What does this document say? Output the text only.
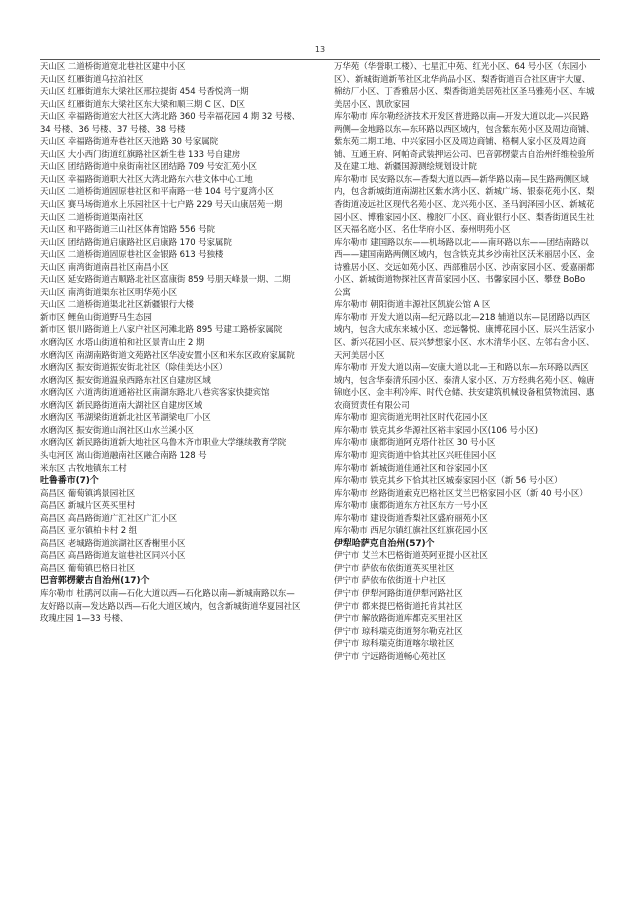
13

天山区 二道桥街道宽北巷社区建中小区

天山区 红雁街道乌拉泊社区

天山区 红雁街道东大梁社区邢拉提街 454 号香悦湾一期

天山区 红雁街道东大梁社区东大梁和顺三期 C 区、D区

天山区 幸福路街道宏大社区大湾北路 360 号幸福花园 4 期 32 号楼、34 号楼、36 号楼、37 号楼、38 号楼

天山区 幸福路街道寿巷社区天池路 30 号家属院

天山区 大小西门街道红旗路社区新生巷 133 号自建房

天山区 团结路街道中泉街南社区团结路 709 号安汇苑小区

天山区 幸福路街道职大社区大湾北路东六巷文体中心工地

天山区 二道桥街道固原巷社区和平南路一巷 104 号宁夏湾小区

天山区 赛马场街道水上乐园社区十七户路 229 号天山康居苑一期

天山区 二道桥街道渠南社区

天山区 和平路街道三山社区体育馆路 556 号院

天山区 团结路街道启康路社区启康路 170 号家属院

天山区 二道桥街道固原巷社区金银路 613 号独楼

天山区 南湾街道南昌社区南昌小区

天山区 延安路街道吉顺路北社区富康街 859 号朋天峰景一期、二期

天山区 南湾街道渠东社区明华苑小区

天山区 二道桥街道渠北社区新疆银行大楼

新市区 鲤鱼山街道野马生态园

新市区 银川路街道上八家户社区河滩北路 895 号建工路桥家属院

水磨沟区 水塔山街道柏和社区景青山庄 2 期

水磨沟区 南湖南路街道文苑路社区华凌安置小区和米东区政府家属院

水磨沟区 振安街道振安街北社区（除佳美达小区）

水磨沟区 振安街道温泉西路东社区自建房区域

水磨沟区 六道湾街道通裕社区南湖东路北八巷宾客家快捷宾馆

水磨沟区 新民路街道南大湖社区自建房区域

水磨沟区 苇湖梁街道新北社区苇湖梁电厂小区

水磨沟区 振安街道山润社区山水兰溪小区

水磨沟区 新民路街道新大地社区乌鲁木齐市职业大学继续教育学院

头屯河区 嵩山街道融南社区融合南路 128 号

米东区 古牧地镇东工村

吐鲁番市(7)个

高昌区 葡萄镇鸿景园社区

高昌区 新城片区英买里村

高昌区 高昌路街道广汇社区广汇小区

高昌区 亚尔镇柏卡村 2 组

高昌区 老城路街道滨湖社区香榭里小区

高昌区 高昌路街道友谊巷社区同兴小区

高昌区 葡萄镇巴格日社区

巴音郭楞蒙古自治州(17)个

库尔勒市 杜鹃河以南—石化大道以西—石化路以南—新城南路以东—友好路以南—发达路以西—石化大道区域内，包含新城街道华夏园社区玫瑰庄园 1—33 号楼、

万华苑（华誉职工楼）、七星汇中苑、红光小区、64 号小区（东园小区）、新城街道新苇社区北华尚品小区、梨香街道百合社区唐宇大厦、棉纺厂小区、丁香雅居小区、梨香街道美居苑社区圣马雅苑小区、车城美居小区、凯欣家园

库尔勒市 库尔勒经济技术开发区普进路以南—开发大道以北—兴民路两侧—金地路以东—东环路以西区域内，包含紫东苑小区及周边商铺、紫东苑二期工地、中兴家园小区及周边商铺、格桐人家小区及周边商铺、互通王府、阿帕奇武装押运公司、巴音郭楞蒙古自治州纤维检验所及在建工地、新疆国源测绘规划设计院

库尔勒市 民安路以东—香梨大道以西—新华路以南—民生路两侧区域内，包含新城街道南湖社区紫水湾小区、新城广场、银泰花苑小区、梨香街道凌远社区现代名苑小区、龙兴苑小区、圣马润泽园小区、新城花园小区、博雅家园小区、橡胶厂小区、商业银行小区、梨香街道民生社区天福名庭小区、名仕华府小区、泰州明苑小区

库尔勒市 建国路以东——机场路以北——南环路以东——团结南路以西——建国南路两侧区域内，包含铁克其乡沙南社区沃米丽居小区、金诗雅居小区、交远如苑小区、西部雅居小区、沙南家园小区、爱嘉丽都小区、新城街道物探社区青苗家园小区、书馨家园小区、攀登 BoBo 公寓

库尔勒市 朝阳街道丰源社区凯旋公馆 A 区

库尔勒市 开发大道以南—纪元路以北—218 辅道以东—昆团路以西区域内，包含大成东来城小区、恋远馨悦、康博花园小区、辰兴生活家小区、新兴花园小区、辰兴梦想家小区、水木清华小区、左邻右舍小区、天河美居小区

库尔勒市 开发大道以南—安康大道以北—王和路以东—东环路以西区域内，包含华泰清乐园小区、泰清人家小区、万方经典名苑小区、翰唐锦庭小区、金丰利冷库、时代仓储、扶安建筑机械设备租赁物流园、惠农商贸责任有限公司

库尔勒市 迎宾街道光明社区时代花园小区

库尔勒市 铁克其乡华源社区裕丰家园小区(106 号小区)

库尔勒市 康都街道阿克塔什社区 30 号小区

库尔勒市 迎宾街道中恰其社区兴旺佳园小区

库尔勒市 新城街道佳通社区和谷家园小区

库尔勒市 铁克其乡下恰其社区城泰家园小区（新 56 号小区）

库尔勒市 丝路街道索克巴格社区艾兰巴格家园小区（新 40 号小区）

库尔勒市 康都街道东方社区东方一号小区

库尔勒市 建设街道香梨社区盛府丽苑小区

库尔勒市 西尼尔镇红旗社区红旗花园小区

伊犁哈萨克自治州(57)个

伊宁市 艾兰木巴格街道英阿亚提小区社区

伊宁市 萨依布依街道英买里社区

伊宁市 萨依布依街道十户社区

伊宁市 伊犁河路街道伊犁河路社区

伊宁市 都来提巴格街道托肯其社区

伊宁市 解放路街道库都克买里社区

伊宁市 琼科瑞克街道努尔勒克社区

伊宁市 琼科瑞克街道喀尔墩社区

伊宁市 宁远路街道畅心苑社区
